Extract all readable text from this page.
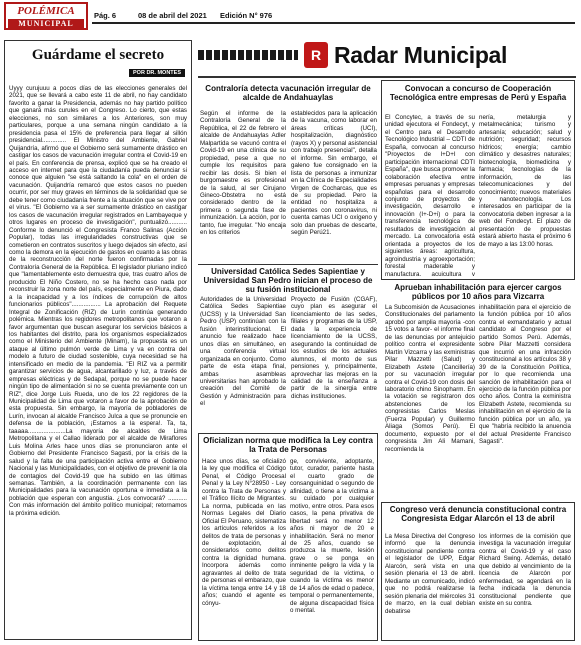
POLÉMICA
MUNICIPAL
Pág. 6	08 de abril del 2021 Edición N° 976
Guárdame el secreto
POR DR. MONTES
Uyyy curujuuu a pocos días de las elecciones generales del 2021, que se llevará a cabo este 11 de abril, no hay candidato favorito a ganar la Presidencia, además no hay partido político que ganará más curules en el Congreso. Lo cierto, que estas elecciones, no son similares a los Anteriores, son muy particulares, porque a una semana ningún candidato a la presidencia pasa el 15% de preferencia para llegar al sillón presidencial.............. El Ministro del Ambiente, Gabriel Quijandría, afirmó que el Gobierno será sumamente drástico en castigar los casos de vacunación irregular contra el Covid-19 en el país. En conferencia de prensa, explicó que se ha creado el acceso en internet para que la ciudadanía pueda denunciar si conoce que alguien "se está saltando la cola" en el orden de vacunación. Quijandría remarcó que estos casos no pueden ocurrir, por ser muy graves en términos de la solidaridad que se debe tener como ciudadanía frente a la situación que se vive por el virus. "El Gobierno va a ser sumamente drástico en castigar los casos de vacunación irregular registrados en Lambayeque y otros lugares en proceso de investigación", puntualizó........... Conforme lo denunció el Congresista Franco Salinas (Acción Popular), todas las irregularidades constructivas que se cometieron en contratos suscritos y luego dejados sin efecto, así como la demora en la ejecución de gastos en cuanto a las obras de la reconstrucción del norte fueron confirmadas por la Contraloría General de la República. El legislador pluriano indicó que "lamentablemente esto demuestra que, tras cuatro años de producido El Niño Costero, no se ha hecho caso nada por reconstruir la zona norte del país, especialmente en Piura, dado a la incapacidad y a los índices de corrupción de altos funcionarios públicos"................. La aprobación del Requete Integral de Zonificación (RIZ) de Lurín continúa generando polémica. Mientras los regidores metropolitanos que votaron a favor argumentan que buscan asegurar los servicios básicos a los habitantes del distrito, para los organismos especializados como el Ministerio del Ambiente (Minam), la propuesta es un ataque al último pulmón verde de Lima y va en contra del modelo a futuro de ciudad sostenible, cuya necesidad se ha intensificado en medio de la pandemia. "El RIZ va a permitir garantizar servicios de agua, alcantarillado y luz, a través de empresas eléctricas y de Sedapal, porque no se puede hacer ningún tipo de alimentación si no se cuenta previamente con un RIZ", dice Jorge Luis Rueda, uno de los 22 regidores de la Municipalidad de Lima que votaron a favor de la aprobación de esta propuesta. Sin embargo, la mayoría de pobladores de Lurín, invocan al alcalde Francisco Julca a que se pronuncie en defensa de la población, ¡Estamos a la espera!. Ta, ta, taaaaa......................La mayoría de alcaldes de Lima Metropolitana y el Callao liderado por el alcalde de Miraflores Luis Molina Arles hace unos días se pronunciaron ante el Gobierno del Presidente Francisco Sagasti, por la crisis de la salud y la falta de una participación activa entre el Gobierno Nacional y las Municipalidades, con el objetivo de prevenir la ola de contagios del Covid-19 que ha subido en las últimas semanas. También, a la coordinación permanente con las Municipalidades para la vacunación oportuna e inmediata a la población que esperan con angustia. ¿Los convocará? ........... Con más información del ámbito político municipal; retornamos la próxima edición.
R Radar Municipal
Contraloría detecta vacunación irregular de alcalde de Andahuaylas
Según el informe de la Contraloría General de la República, el 22 de febrero el alcalde de Andahuaylas Adler Malpartida se vacunó contra el Covid-19 en una clínica de su propiedad, pese a que no cumple los requisitos para recibir las dosis. Si bien el burgomaestre es profesional de la salud, al ser Cirujano Gineco-Obstetra no está considerado dentro de la primera o segunda fase de inmunización. La acción, por lo tanto, fue irregular. "No encaja en los criterios
establecidos para la aplicación de la vacuna, como laborar en áreas críticas (UCI), hospitalización, diagnóstico (rayos X) y personal asistencial con trabajo presencial", detalla el informe. Sin embargo, el galeno fue consignado en la lista de personas a inmunizar en la Clínica de Especialidades Virgen de Cocharcas, que es de su propiedad. Pero la entidad no hospitaliza a pacientes con coronavirus, ni cuenta camas UCI o oxígeno y solo dan pruebas de descarte, según Perú21.
Convocan a concurso de Cooperación Tecnológica entre empresas de Perú y España
El Concytec, a través de su unidad ejecutora el Fondecyt, y el Centro para el Desarrollo Tecnológico Industrial – CDTI de España, convocan al concurso "Proyectos de I+D+I con participación internacional CDTI España", que busca promover la colaboración efectiva entre empresas peruanas y empresas españolas para el desarrollo conjunto de proyectos de investigación, desarrollo e innovación (I+-D+i) o para la transferencia tecnológica de resultados de investigación al mercado. La convocatoria está orientada a proyectos de los siguientes áreas: agricultura, agroindustria y agroexportación; forestal maderable y manufactura, acuicultura y
nería, metalurgia y metalmecánica; turismo y artesanía; educación; salud y nutrición; seguridad; recursos hídricos; energía; cambio climático y desastres naturales; biotecnología, biomedicina y farmacia; tecnologías de la información, de las telecomunicaciones y del conocimiento; nuevos materiales y nanotecnología. Los interesados en participar de la convocatoria deben ingresar a la web del Fondecyt. El plazo de presentación de propuestas estará abierto hasta el próximo 6 de mayo a las 13:00 horas.
Universidad Católica Sedes Sapientiae y Universidad San Pedro inician el proceso de su fusión institucional
Autoridades de la Universidad Católica Sedes Sapientiae (UCSS) y la Universidad San Pedro (USP) continúan con la fusión interinstitucional. El anuncio fue realizado hace unos días en simultáneo, en una conferencia virtual organizada en conjunto. Como parte de esta etapa final, ambas asambleas universitarias han aprobado la creación del Comité de Gestión y Administración para el
Proyecto de Fusión (CGAF), cuyo plan es asegurar el licenciamiento de las sedes, filiales y programas de la USP, dada la experiencia de licenciamiento de la UCSS, asegurando la continuidad de los estudios de los actuales alumnos, el monto de sus pensiones y, principalmente, aprovechar las mejoras en la calidad de la enseñanza a partir de la sinergia entre dichas instituciones.
Aprueban inhabilitación para ejercer cargos públicos por 10 años para Vizcarra
La Subcomisión de Acusaciones Constitucionales del parlamento aprobó por amplia mayoría -con 15 votos a favor- el informe final de las denuncias por antejuicio político contra el expresidente Martín Vizcarra y las exministras Pilar Mazzetti (Salud) y Elizabeth Astete (Cancillería) por su vacunación irregular contra el Covid-19 con dosis del laboratorio chino Sinopharm. En la votación se registraron dos abstenciones de los congresistas Carlos Meslas (Fuerza Popular) y Guillermo Aliaga (Somos Perú). El documento, expuesto por el congresista Jim Ali Mamani, recomienda la
inhabilitación para el ejercicio de la función pública por 10 años contra el exmandatario y actual candidato al Congreso por el partido Somos Perú. Además, sobre Pilar Mazzetti considera que incurrió en una infracción constitucional a los artículos 38 y 39 de la Constitución Política, por lo que recomienda una sanción de inhabilitación para el ejercicio de la función pública por ocho años. Contra la exministra Elizabeth Astete, recomienda su inhabilitación en el ejercicio de la función pública por un año, ya que "habría recibido la anuencia del actual Presidente Francisco Sagasti".
Oficializan norma que modifica la Ley contra la Trata de Personas
Hace unos días, se oficializó la ley que modifica el Código Penal, el Código Procesal Penal y la Ley N°28950 - Ley contra la Trata de Personas y el Tráfico Ilícito de Migrantes. La norma, publicada en las Normas Legales del Diario Oficial El Peruano, sistematiza los artículos referidos a los delitos de trata de personas y de explotación, al considerarlos como delitos contra la dignidad humana. Incorpora además como agravantes al delito de trata de personas el embarazo, que la víctima tenga entre 14 y 18 años; cuando el agente es cónyu-
ge, conviviente, adoptante, tutor, curador, pariente hasta el cuarto grado de consanguinidad o segundo de afinidad, o tiene a la víctima a su cuidado por cualquier motivo, entre otros. Para esos casos, la pena privativa de libertad será no menor 12 años ni mayor de 20 e inhabilitación. Será no menor de 25 años, cuando se produzca la muerte, lesión grave o se ponga en inminente peligro la vida y la seguridad de la víctima, o cuando la víctima es menor de 14 años de edad o padece, temporal o permanentemente, de alguna discapacidad física o mental.
Congreso verá denuncia constitucional contra Congresista Edgar Alarcón el 13 de abril
La Mesa Directiva del Congreso informó que la denuncia constitucional pendiente contra el legislador de UPP, Edgar Alarcón, será vista en una sesión plenaria el 13 de abril. Mediante un comunicado, indicó que no podrá realizarse la sesión plenaria del miércoles 31 de marzo, en la cual debían debatirse
los informes de la comisión que investiga la vacunación irregular contra el Covid-19 y el caso Richard Swing. Además, detalló que debido al vencimiento de la licencia de Alarcón por enfermedad, se agendará en la fecha indicada la denuncia constitucional pendiente que existe en su contra.
